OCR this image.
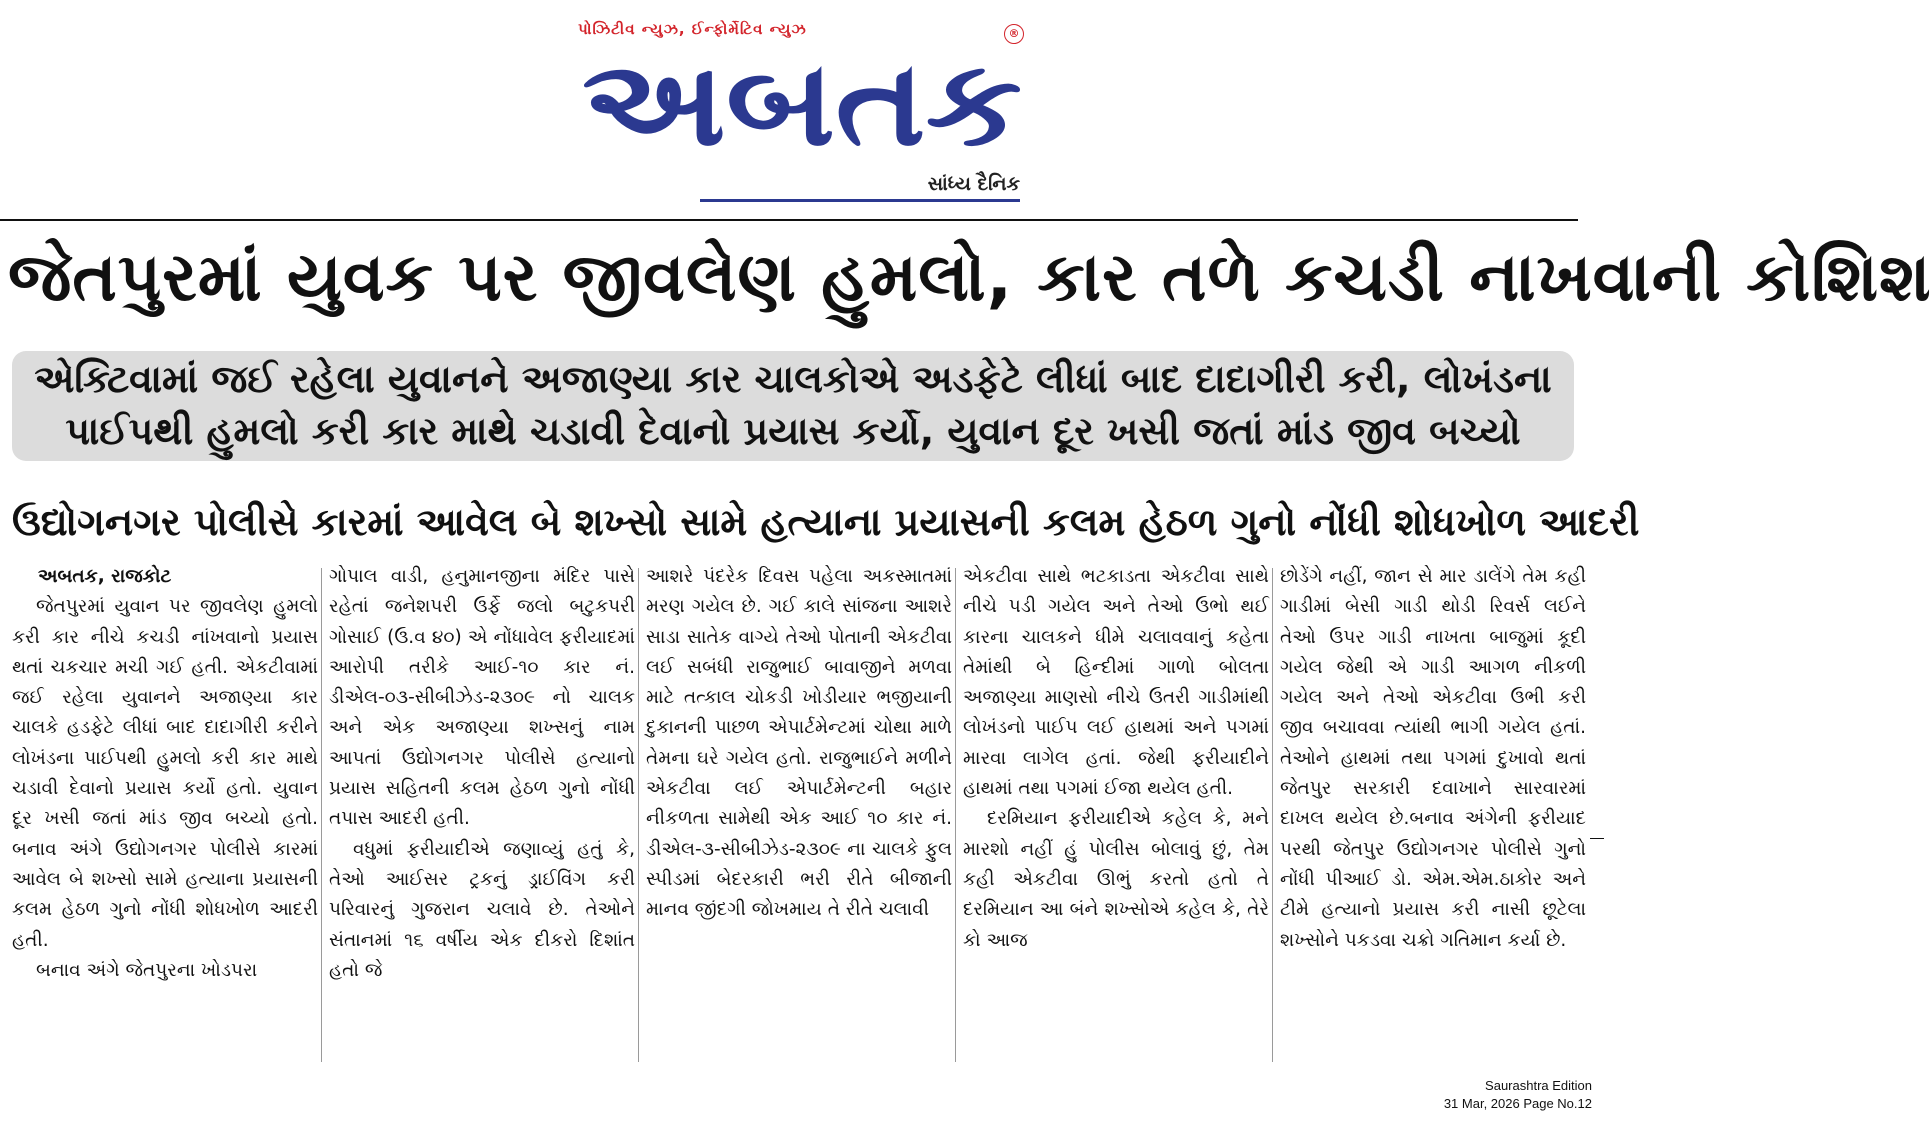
પોઝિટીવ ન્યુઝ, ઈન્ફોર્મેટિવ ન્યુઝ	®
અબતક
સાંધ્ય દૈનિક
જેતપુરમાં યુવક પર જીવલેણ હુમલો, કાર તળે કચડી નાખવાની કોશિશ
એક્ટિવામાં જઈ રહેલા યુવાનને અજાણ્યા કાર ચાલકોએ અડફેટે લીધાં બાદ દાદાગીરી કરી, લોખંડના
પાઈપથી હુમલો કરી કાર માથે ચડાવી દેવાનો પ્રયાસ કર્યો, યુવાન દૂર ખસી જતાં માંડ જીવ બચ્યો
ઉદ્યોગનગર પોલીસે કારમાં આવેલ બે શખ્સો સામે હત્યાના પ્રયાસની કલમ હેઠળ ગુનો નોંધી શોધખોળ આદરી

અબતક, રાજકોટ

જેતપુરમાં યુવાન પર જીવલેણ હુમલો કરી કાર નીચે કચડી નાંખવાનો પ્રયાસ થતાં ચકચાર મચી ગઈ હતી. એકટીવામાં જઈ રહેલા યુવાનને અજાણ્યા કાર ચાલકે હડફેટે લીધાં બાદ દાદાગીરી કરીને લોખંડના પાઈપથી હુમલો કરી કાર માથે ચડાવી દેવાનો પ્રયાસ કર્યો હતો. યુવાન દૂર ખસી જતાં માંડ જીવ બચ્યો હતો. બનાવ અંગે ઉદ્યોગનગર પોલીસે કારમાં આવેલ બે શખ્સો સામે હત્યાના પ્રયાસની કલમ હેઠળ ગુનો નોંધી શોધખોળ આદરી હતી.

બનાવ અંગે જેતપુરના ખોડપરા

ગોપાલ વાડી, હનુમાનજીના મંદિર પાસે રહેતાં જનેશપરી ઉર્ફે જલો બટુકપરી ગોસાઈ (ઉ.વ ૪૦) એ નોંધાવેલ ફરીયાદમાં આરોપી તરીકે આઈ-૧૦ કાર નં. ડીએલ-૦૩-સીબીઝેડ-૨૩૦૯ નો ચાલક અને એક અજાણ્યા શખ્સનું નામ આપતાં ઉદ્યોગનગર પોલીસે હત્યાનો પ્રયાસ સહિતની કલમ હેઠળ ગુનો નોંધી તપાસ આદરી હતી.

વધુમાં ફરીયાદીએ જણાવ્યું હતું કે, તેઓ આઈસર ટ્રકનું ડ્રાઈવિંગ કરી પરિવારનું ગુજરાન ચલાવે છે. તેઓને સંતાનમાં ૧૬ વર્ષીય એક દીકરો દિશાંત હતો જે

આશરે પંદરેક દિવસ પહેલા અકસ્માતમાં મરણ ગયેલ છે. ગઈ કાલે સાંજના આશરે સાડા સાતેક વાગ્યે તેઓ પોતાની એકટીવા લઈ સબંધી રાજુભાઈ બાવાજીને મળવા માટે તત્કાલ ચોકડી ખોડીયાર ભજીયાની દુકાનની પાછળ એપાર્ટમેન્ટમાં ચોથા માળે તેમના ઘરે ગયેલ હતો. રાજુભાઈને મળીને એકટીવા લઈ એપાર્ટમેન્ટની બહાર નીકળતા સામેથી એક આઈ ૧૦ કાર નં. ડીએલ-૩-સીબીઝેડ-૨૩૦૯ ના ચાલકે ફુલ સ્પીડમાં બેદરકારી ભરી રીતે બીજાની માનવ જીંદગી જોખમાય તે રીતે ચલાવી

એકટીવા સાથે ભટકાડતા એકટીવા સાથે નીચે પડી ગયેલ અને તેઓ ઉભો થઈ કારના ચાલકને ધીમે ચલાવવાનું કહેતા તેમાંથી બે હિન્દીમાં ગાળો બોલતા અજાણ્યા માણસો નીચે ઉતરી ગાડીમાંથી લોખંડનો પાઈપ લઈ હાથમાં અને પગમાં મારવા લાગેલ હતાં. જેથી ફરીયાદીને હાથમાં તથા પગમાં ઈજા થયેલ હતી.

દરમિયાન ફરીયાદીએ કહેલ કે, મને મારશો નહીં હું પોલીસ બોલાવું છું, તેમ કહી એકટીવા ઊભું કરતો હતો તે દરમિયાન આ બંને શખ્સોએ કહેલ કે, તેરે કો આજ

છોડેંગે નહીં, જાન સે માર ડાલેંગે તેમ કહી ગાડીમાં બેસી ગાડી થોડી રિવર્સ લઈને તેઓ ઉપર ગાડી નાખતા બાજુમાં કૂદી ગયેલ જેથી એ ગાડી આગળ નીકળી ગયેલ અને તેઓ એકટીવા ઉભી કરી જીવ બચાવવા ત્યાંથી ભાગી ગયેલ હતાં. તેઓને હાથમાં તથા પગમાં દુખાવો થતાં જેતપુર સરકારી દવાખાને સારવારમાં દાખલ થયેલ છે.બનાવ અંગેની ફરીયાદ પરથી જેતપુર ઉદ્યોગનગર પોલીસે ગુનો નોંધી પીઆઈ ડો. એમ.એમ.ઠાકોર અને ટીમે હત્યાનો પ્રયાસ કરી નાસી છૂટેલા શખ્સોને પકડવા ચક્રો ગતિમાન કર્યા છે.

Saurashtra Edition
31 Mar, 2026 Page No.12
